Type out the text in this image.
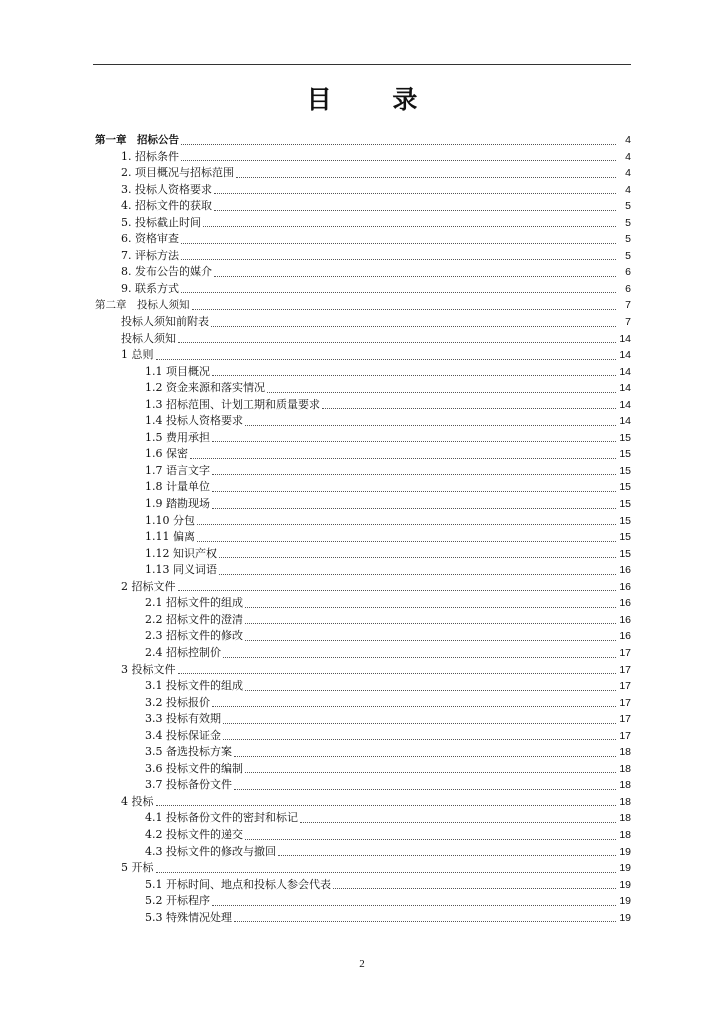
目 录
第一章　招标公告	4
1. 招标条件	4
2. 项目概况与招标范围	4
3. 投标人资格要求	4
4. 招标文件的获取	5
5. 投标截止时间	5
6. 资格审查	5
7. 评标方法	5
8. 发布公告的媒介	6
9. 联系方式	6
第二章　投标人须知	7
投标人须知前附表	7
投标人须知	14
1 总则	14
1.1 项目概况	14
1.2 资金来源和落实情况	14
1.3 招标范围、计划工期和质量要求	14
1.4 投标人资格要求	14
1.5 费用承担	15
1.6 保密	15
1.7 语言文字	15
1.8 计量单位	15
1.9 踏勘现场	15
1.10 分包	15
1.11 偏离	15
1.12 知识产权	15
1.13 同义词语	16
2 招标文件	16
2.1 招标文件的组成	16
2.2 招标文件的澄清	16
2.3 招标文件的修改	16
2.4 招标控制价	17
3 投标文件	17
3.1 投标文件的组成	17
3.2 投标报价	17
3.3 投标有效期	17
3.4 投标保证金	17
3.5 备选投标方案	18
3.6 投标文件的编制	18
3.7 投标备份文件	18
4 投标	18
4.1 投标备份文件的密封和标记	18
4.2 投标文件的递交	18
4.3 投标文件的修改与撤回	19
5 开标	19
5.1 开标时间、地点和投标人参会代表	19
5.2 开标程序	19
5.3 特殊情况处理	19
2
